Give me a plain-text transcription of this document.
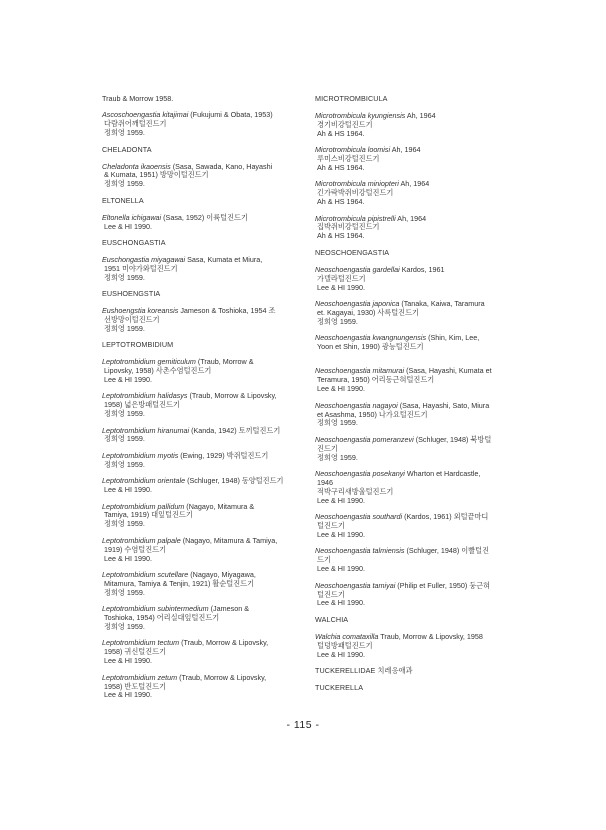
Traub & Morrow 1958.
Ascoschoengastia kitajimai (Fukujumi & Obata, 1953)
다람쥐어깨털진드기
정희영 1959.
CHELADONTA
Cheladonta ikaoensis (Sasa, Sawada, Kano, Hayashi
& Kumata, 1951) 방망이털진드기
정희영 1959.
ELTONELLA
Eltonella ichigawai (Sasa, 1952) 이륙털진드기
Lee & HI 1990.
EUSCHONGASTIA
Euschongastia miyagawai Sasa, Kumata et Miura,
1951 미야가와털진드기
정희영 1959.
EUSHOENGSTIA
Eushoengstia koreansis Jameson & Toshioka, 1954 조
선방망이털진드기
정희영 1959.
LEPTOTROMBIDIUM
Leptotrombidium gemiticulum (Traub, Morrow &
Lipovsky, 1958) 사촌수염털진드기
Lee & HI 1990.
Leptotrombidium halidasys (Traub, Morrow & Lipovsky,
1958) 넓은방패털진드기
정희영 1959.
Leptotrombidium hiranumai (Kanda, 1942) 토끼털진드기
정희영 1959.
Leptotrombidium myotis (Ewing, 1929) 박쥐털진드기
정희영 1959.
Leptotrombidium orientale (Schluger, 1948) 동양털진드기
Lee & HI 1990.
Leptotrombidium pallidum (Nagayo, Mitamura &
Tamiya, 1919) 대잎털진드기
정희영 1959.
Leptotrombidium palpale (Nagayo, Mitamura & Tamiya,
1919) 수염털진드기
Lee & HI 1990.
Leptotrombidium scutellare (Nagayo, Miyagawa,
Mitamura, Tamiya & Tenjin, 1921) 활순털진드기
정희영 1959.
Leptotrombidium subintermedium (Jameson &
Toshioka, 1954) 어리실대잎털진드기
정희영 1959.
Leptotrombidium tectum (Traub, Morrow & Lipovsky,
1958) 귀신털진드기
Lee & HI 1990.
Leptotrombidium zetum (Traub, Morrow & Lipovsky,
1958) 반도털진드기
Lee & HI 1990.
MICROTROMBICULA
Microtrombicula kyungiensis Ah, 1964
경기비강털진드기
Ah & HS 1964.
Microtrombicula loomisi Ah, 1964
루미스비강털진드기
Ah & HS 1964.
Microtrombicula miniopteri Ah, 1964
긴가락박쥐비강털진드기
Ah & HS 1964.
Microtrombicula pipistrelli Ah, 1964
집박쥐비강털진드기
Ah & HS 1964.
NEOSCHOENGASTIA
Neoschoengastia gardellai Kardos, 1961
가델라털진드기
Lee & HI 1990.
Neoschoengastia japonica (Tanaka, Kaiwa, Taramura
et. Kagayai, 1930) 사륵털진드기
정희영 1959.
Neoschoengastia kwangnungensis (Shin, Kim, Lee,
Yoon et Shin, 1990) 광능털진드기
Neoschoengastia mitamurai (Sasa, Hayashi, Kumata et
Teramura, 1950) 어리동근혀털진드기
Lee & HI 1990.
Neoschoengastia nagayoi (Sasa, Hayashi, Sato, Miura
et Asashma, 1950) 나가요털진드기
정희영 1959.
Neoschoengastia pomeranzevi (Schluger, 1948) 북방털
진드기
정희영 1959.
Neoschoengastia posekanyi Wharton et Hardcastle,
1946
적박구리새방울털진드기
Lee & HI 1990.
Neoschoengastia southardi (Kardos, 1961) 외털끝마디
털진드기
Lee & HI 1990.
Neoschoengastia talmiensis (Schluger, 1948) 이빨털진
드기
Lee & HI 1990.
Neoschoengastia tamiyai (Philip et Fuller, 1950) 둥근혀
털진드기
Lee & HI 1990.
WALCHIA
Walchia comataxilla Traub, Morrow & Lipovsky, 1958
털덩방패털진드기
Lee & HI 1990.
TUCKERELLIDAE 치레응애과
TUCKERELLA
- 115 -
